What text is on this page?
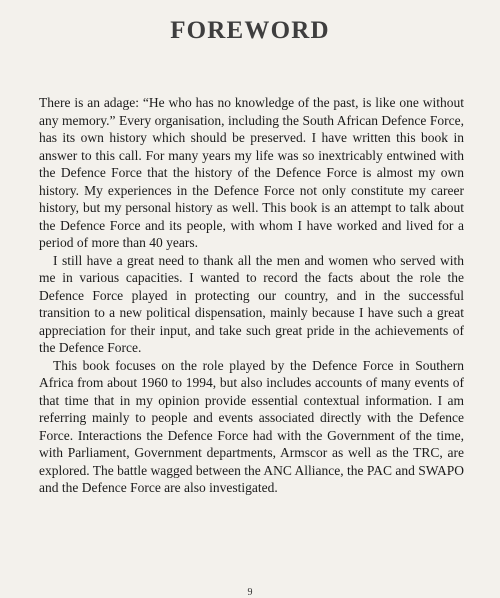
FOREWORD

There is an adage: “He who has no knowledge of the past, is like one without any memory.” Every organisation, including the South African Defence Force, has its own history which should be preserved. I have written this book in answer to this call. For many years my life was so inextricably entwined with the Defence Force that the history of the Defence Force is almost my own history. My experiences in the Defence Force not only constitute my career history, but my personal history as well. This book is an attempt to talk about the Defence Force and its people, with whom I have worked and lived for a period of more than 40 years.

I still have a great need to thank all the men and women who served with me in various capacities. I wanted to record the facts about the role the Defence Force played in protecting our country, and in the successful transition to a new political dispensation, mainly because I have such a great appreciation for their input, and take such great pride in the achievements of the Defence Force.

This book focuses on the role played by the Defence Force in Southern Africa from about 1960 to 1994, but also includes accounts of many events of that time that in my opinion provide essential contextual information. I am referring mainly to people and events associated directly with the Defence Force. Interactions the Defence Force had with the Government of the time, with Parliament, Government departments, Armscor as well as the TRC, are explored. The battle wagged between the ANC Alliance, the PAC and SWAPO and the Defence Force are also investigated.

9
